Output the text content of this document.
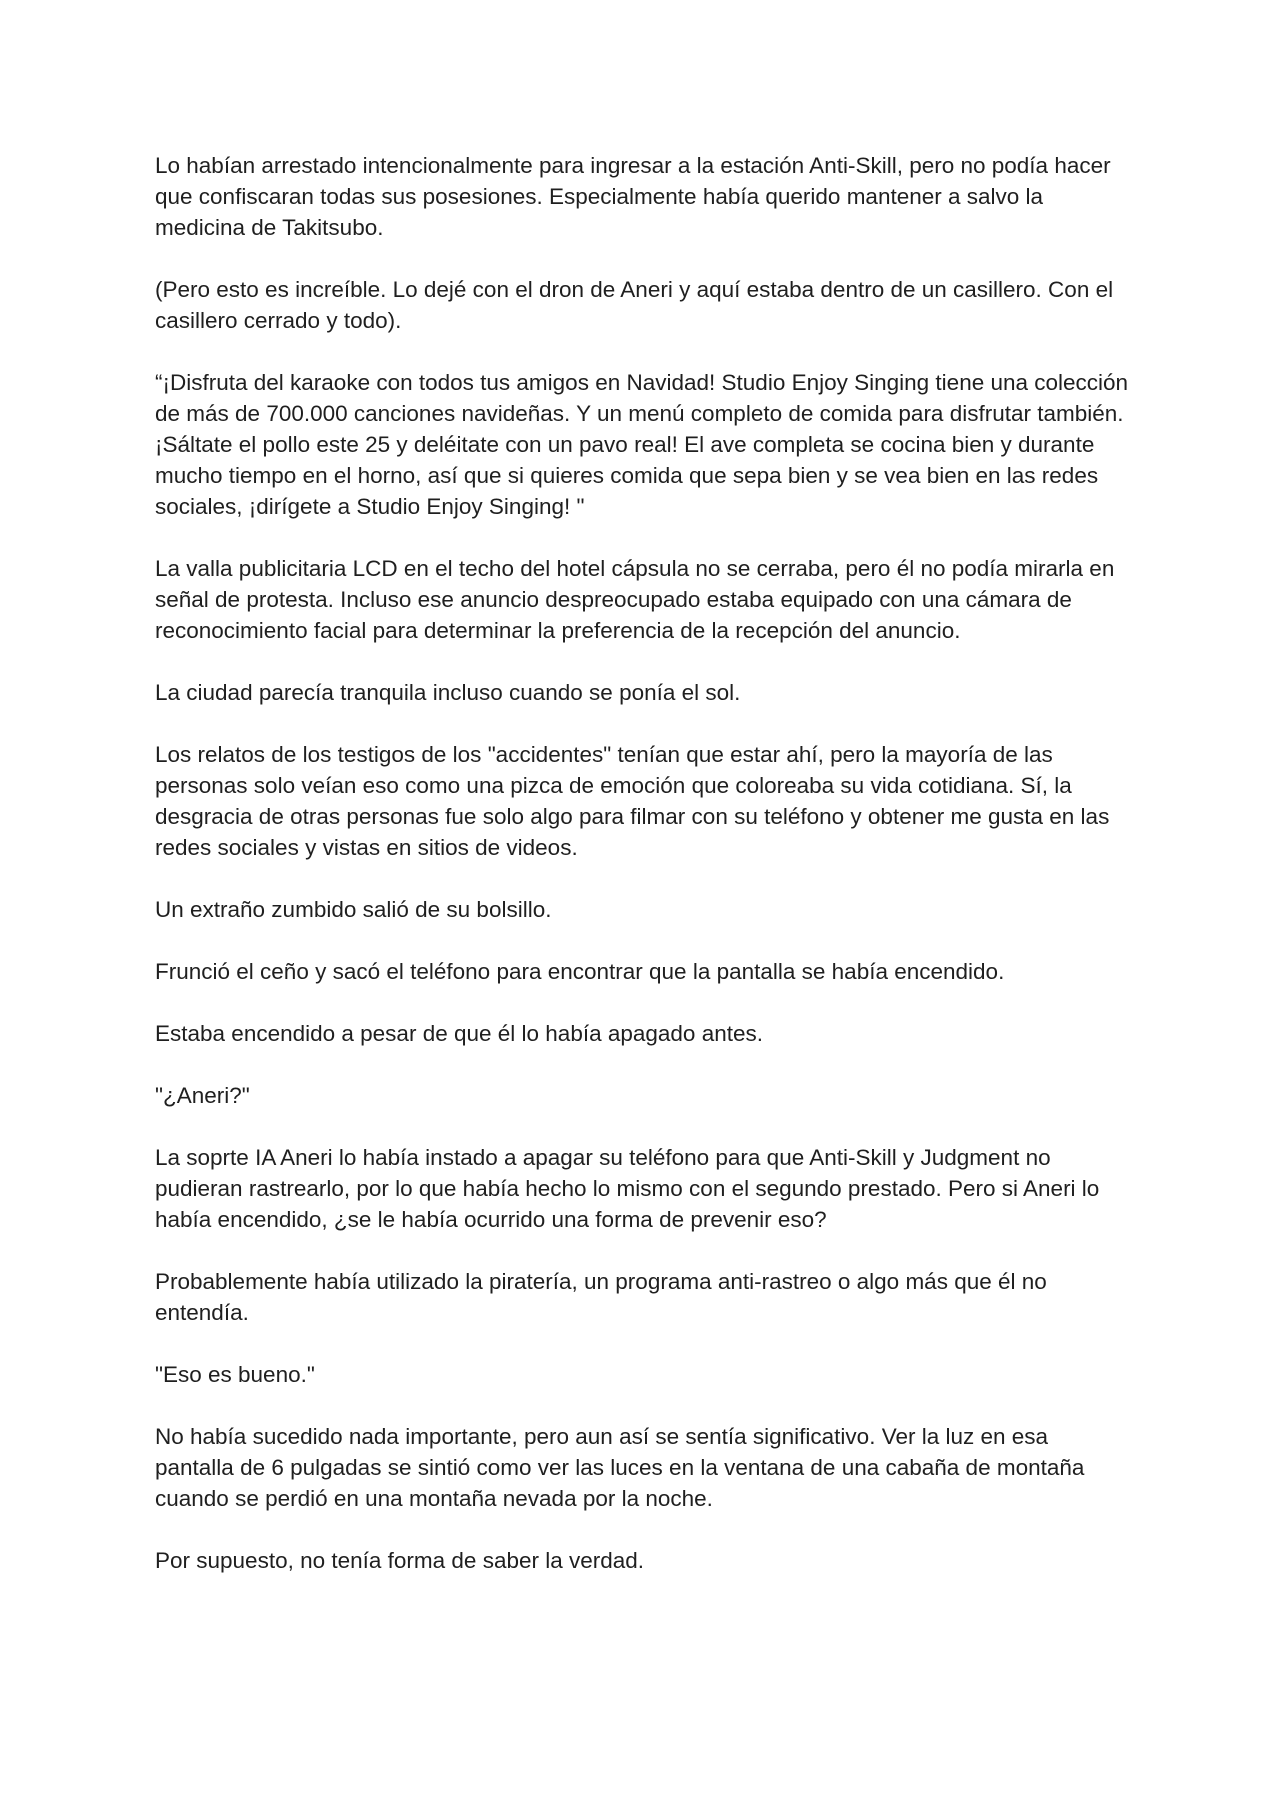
Lo habían arrestado intencionalmente para ingresar a la estación Anti-Skill, pero no podía hacer que confiscaran todas sus posesiones. Especialmente había querido mantener a salvo la medicina de Takitsubo.

(Pero esto es increíble. Lo dejé con el dron de Aneri y aquí estaba dentro de un casillero. Con el casillero cerrado y todo).

“¡Disfruta del karaoke con todos tus amigos en Navidad! Studio Enjoy Singing tiene una colección de más de 700.000 canciones navideñas. Y un menú completo de comida para disfrutar también. ¡Sáltate el pollo este 25 y deléitate con un pavo real! El ave completa se cocina bien y durante mucho tiempo en el horno, así que si quieres comida que sepa bien y se vea bien en las redes sociales, ¡dirígete a Studio Enjoy Singing! "

La valla publicitaria LCD en el techo del hotel cápsula no se cerraba, pero él no podía mirarla en señal de protesta. Incluso ese anuncio despreocupado estaba equipado con una cámara de reconocimiento facial para determinar la preferencia de la recepción del anuncio.

La ciudad parecía tranquila incluso cuando se ponía el sol.

Los relatos de los testigos de los "accidentes" tenían que estar ahí, pero la mayoría de las personas solo veían eso como una pizca de emoción que coloreaba su vida cotidiana. Sí, la desgracia de otras personas fue solo algo para filmar con su teléfono y obtener me gusta en las redes sociales y vistas en sitios de videos.

Un extraño zumbido salió de su bolsillo.

Frunció el ceño y sacó el teléfono para encontrar que la pantalla se había encendido.

Estaba encendido a pesar de que él lo había apagado antes.

"¿Aneri?"

La soprte IA Aneri lo había instado a apagar su teléfono para que Anti-Skill y Judgment no pudieran rastrearlo, por lo que había hecho lo mismo con el segundo prestado. Pero si Aneri lo había encendido, ¿se le había ocurrido una forma de prevenir eso?

Probablemente había utilizado la piratería, un programa anti-rastreo o algo más que él no entendía.

"Eso es bueno."

No había sucedido nada importante, pero aun así se sentía significativo. Ver la luz en esa pantalla de 6 pulgadas se sintió como ver las luces en la ventana de una cabaña de montaña cuando se perdió en una montaña nevada por la noche.

Por supuesto, no tenía forma de saber la verdad.
